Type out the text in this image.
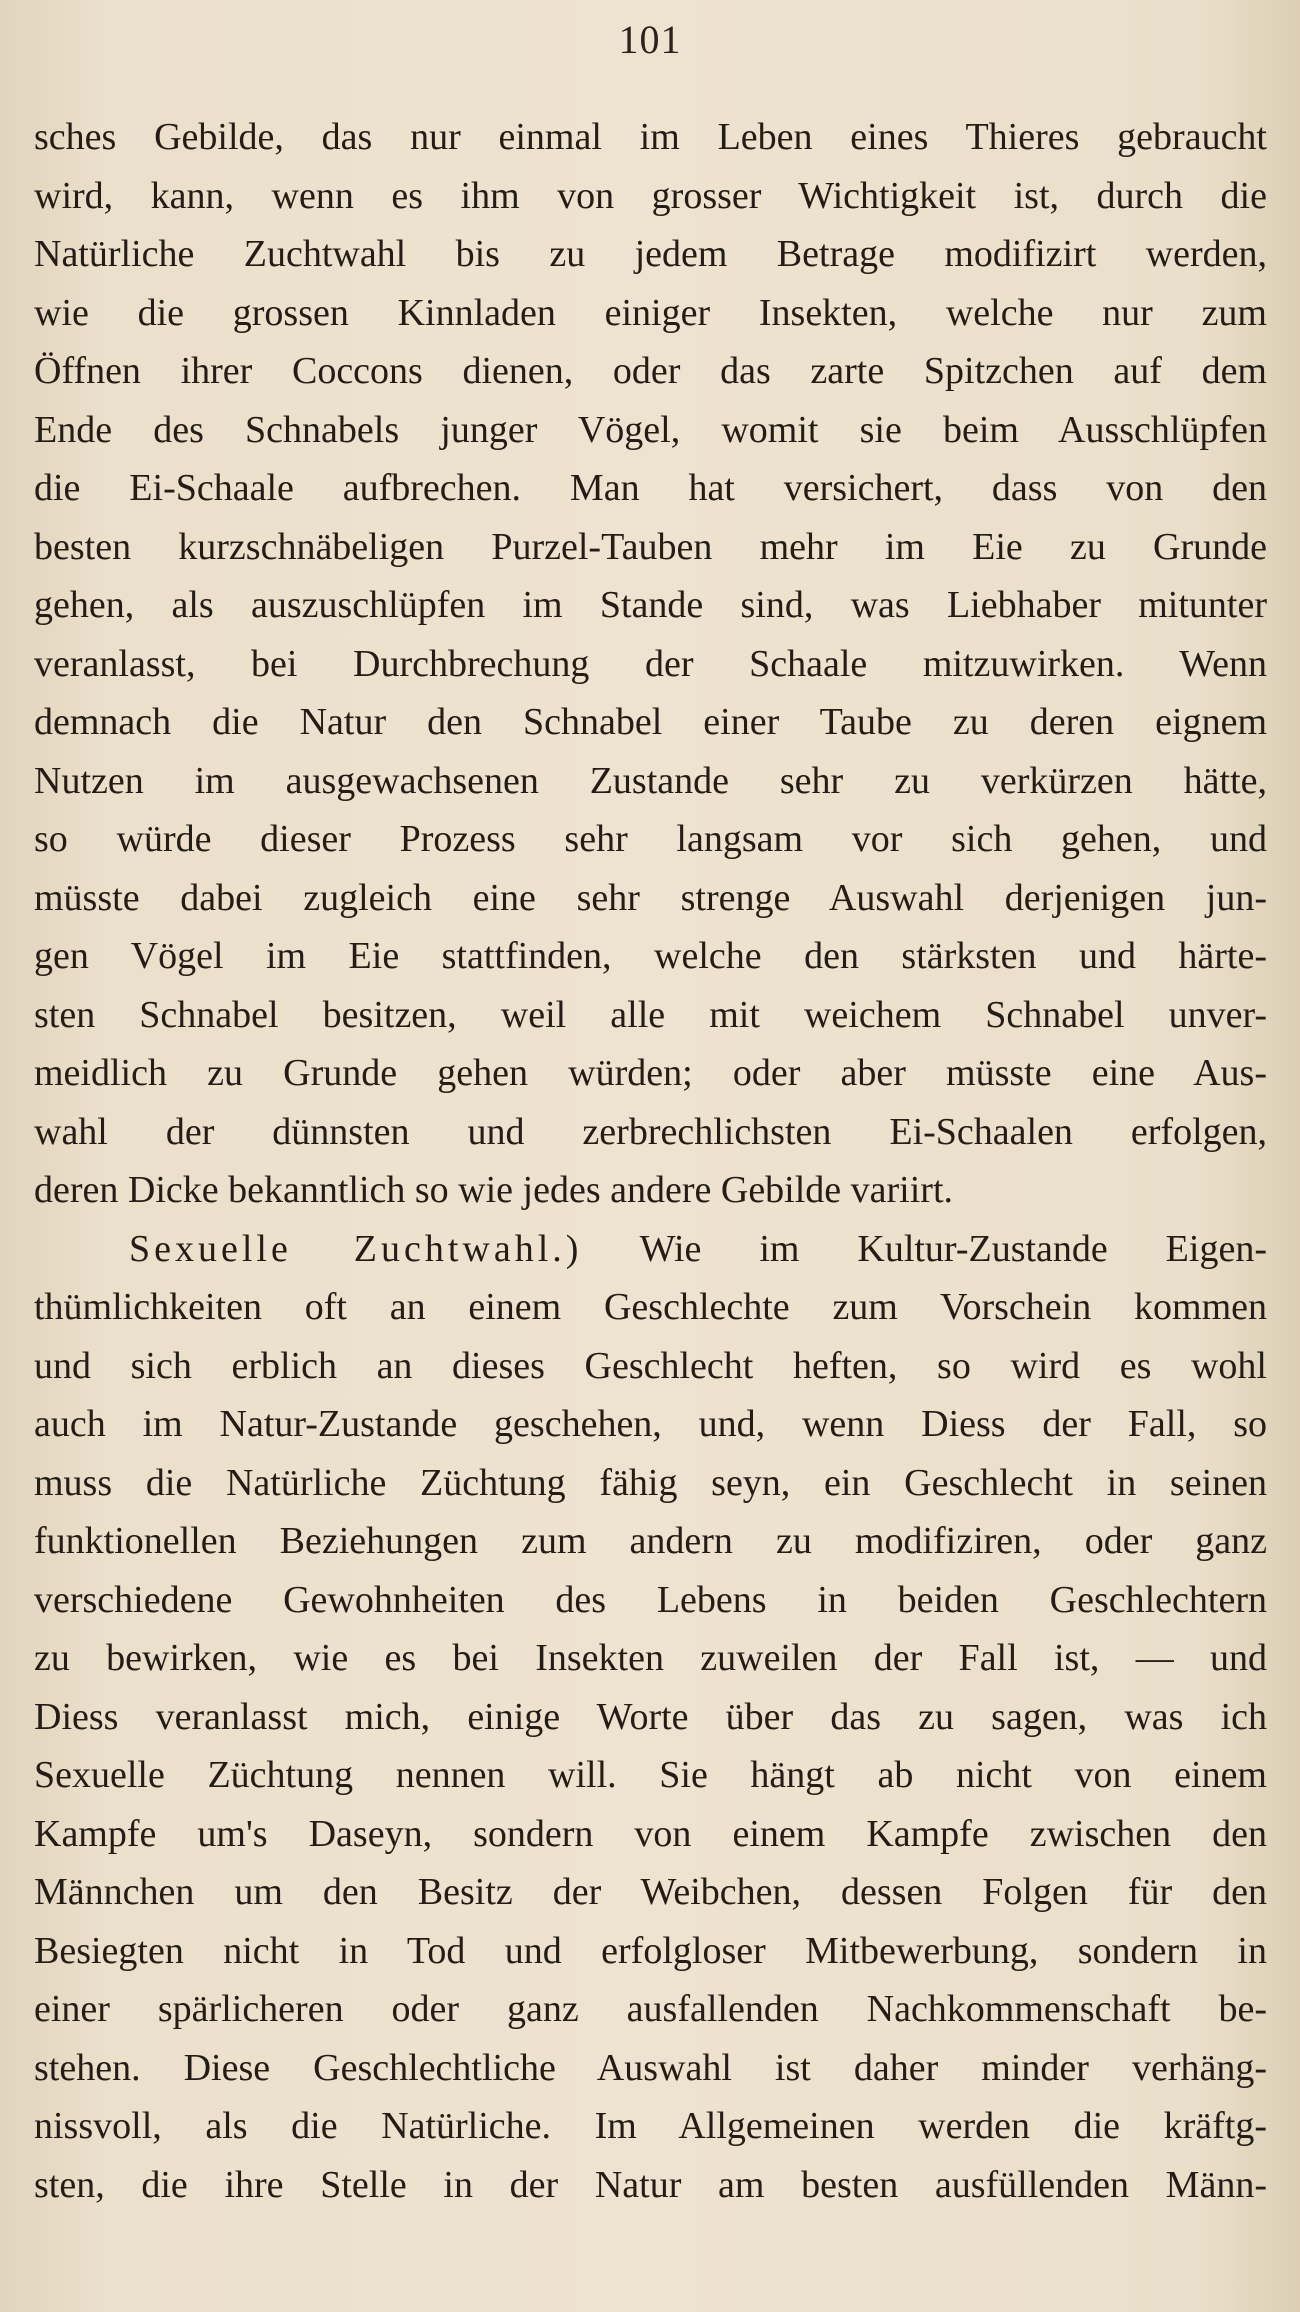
101
sches Gebilde, das nur einmal im Leben eines Thieres gebraucht
wird, kann, wenn es ihm von grosser Wichtigkeit ist, durch die
Natürliche Zuchtwahl bis zu jedem Betrage modifizirt werden,
wie die grossen Kinnladen einiger Insekten, welche nur zum
Öffnen ihrer Coccons dienen, oder das zarte Spitzchen auf dem
Ende des Schnabels junger Vögel, womit sie beim Ausschlüpfen
die Ei-Schaale aufbrechen. Man hat versichert, dass von den
besten kurzschnäbeligen Purzel-Tauben mehr im Eie zu Grunde
gehen, als auszuschlüpfen im Stande sind, was Liebhaber mitunter
veranlasst, bei Durchbrechung der Schaale mitzuwirken. Wenn
demnach die Natur den Schnabel einer Taube zu deren eignem
Nutzen im ausgewachsenen Zustande sehr zu verkürzen hätte,
so würde dieser Prozess sehr langsam vor sich gehen, und
müsste dabei zugleich eine sehr strenge Auswahl derjenigen jun-
gen Vögel im Eie stattfinden, welche den stärksten und härte-
sten Schnabel besitzen, weil alle mit weichem Schnabel unver-
meidlich zu Grunde gehen würden; oder aber müsste eine Aus-
wahl der dünnsten und zerbrechlichsten Ei-Schaalen erfolgen,
deren Dicke bekanntlich so wie jedes andere Gebilde variirt.
Sexuelle Zuchtwahl.) Wie im Kultur-Zustande Eigen-
thümlichkeiten oft an einem Geschlechte zum Vorschein kommen
und sich erblich an dieses Geschlecht heften, so wird es wohl
auch im Natur-Zustande geschehen, und, wenn Diess der Fall, so
muss die Natürliche Züchtung fähig seyn, ein Geschlecht in seinen
funktionellen Beziehungen zum andern zu modifiziren, oder ganz
verschiedene Gewohnheiten des Lebens in beiden Geschlechtern
zu bewirken, wie es bei Insekten zuweilen der Fall ist, — und
Diess veranlasst mich, einige Worte über das zu sagen, was ich
Sexuelle Züchtung nennen will. Sie hängt ab nicht von einem
Kampfe um's Daseyn, sondern von einem Kampfe zwischen den
Männchen um den Besitz der Weibchen, dessen Folgen für den
Besiegten nicht in Tod und erfolgloser Mitbewerbung, sondern in
einer spärlicheren oder ganz ausfallenden Nachkommenschaft be-
stehen. Diese Geschlechtliche Auswahl ist daher minder verhäng-
nissvoll, als die Natürliche. Im Allgemeinen werden die kräftg-
sten, die ihre Stelle in der Natur am besten ausfüllenden Männ-
